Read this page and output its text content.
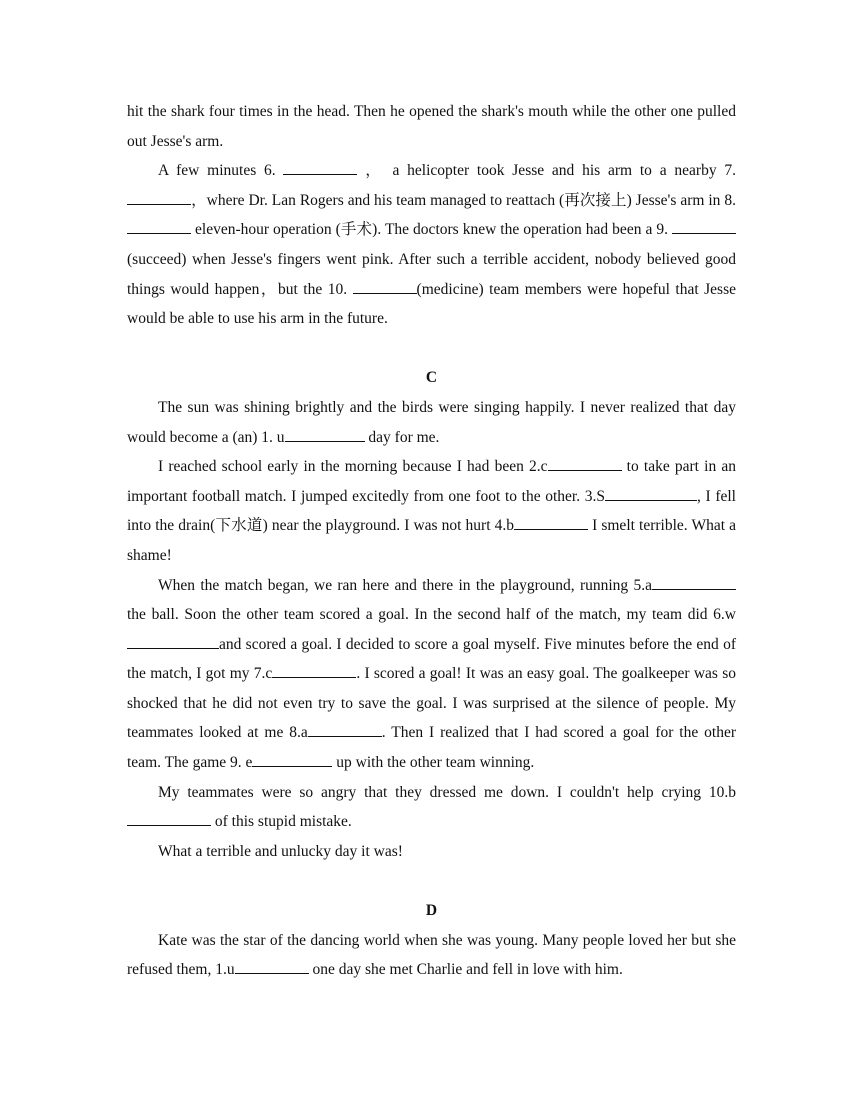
hit the shark four times in the head. Then he opened the shark's mouth while the other one pulled out Jesse's arm.

A few minutes 6.	， a helicopter took Jesse and his arm to a nearby 7. ，where Dr. Lan Rogers and his team managed to reattach (再次接上) Jesse's arm in 8.  eleven-hour operation (手术). The doctors knew the operation had been a 9. (succeed) when Jesse's fingers went pink. After such a terrible accident, nobody believed good things would happen，but the 10.	(medicine) team members were hopeful that Jesse would be able to use his arm in the future.

C

The sun was shining brightly and the birds were singing happily. I never realized that day would become a (an) 1. u	day for me.

I reached school early in the morning because I had been 2.c	to take part in an important football match. I jumped excitedly from one foot to the other. 3.S	, I fell into the drain(下水道) near the playground. I was not hurt 4.b	I smelt terrible. What a shame!

When the match began, we ran here and there in the playground, running 5.a the ball. Soon the other team scored a goal. In the second half of the match, my team did 6.wand scored a goal. I decided to score a goal myself. Five minutes before the end of the match, I got my 7.c	. I scored a goal! It was an easy goal. The goalkeeper was so shocked that he did not even try to save the goal. I was surprised at the silence of people. My teammates looked at me 8.a	. Then I realized that I had scored a goal for the other team. The game 9. e	up with the other team winning.

My teammates were so angry that they dressed me down. I couldn't help crying 10.b of this stupid mistake.

What a terrible and unlucky day it was!

D

Kate was the star of the dancing world when she was young. Many people loved her but she refused them, 1.u	one day she met Charlie and fell in love with him.
